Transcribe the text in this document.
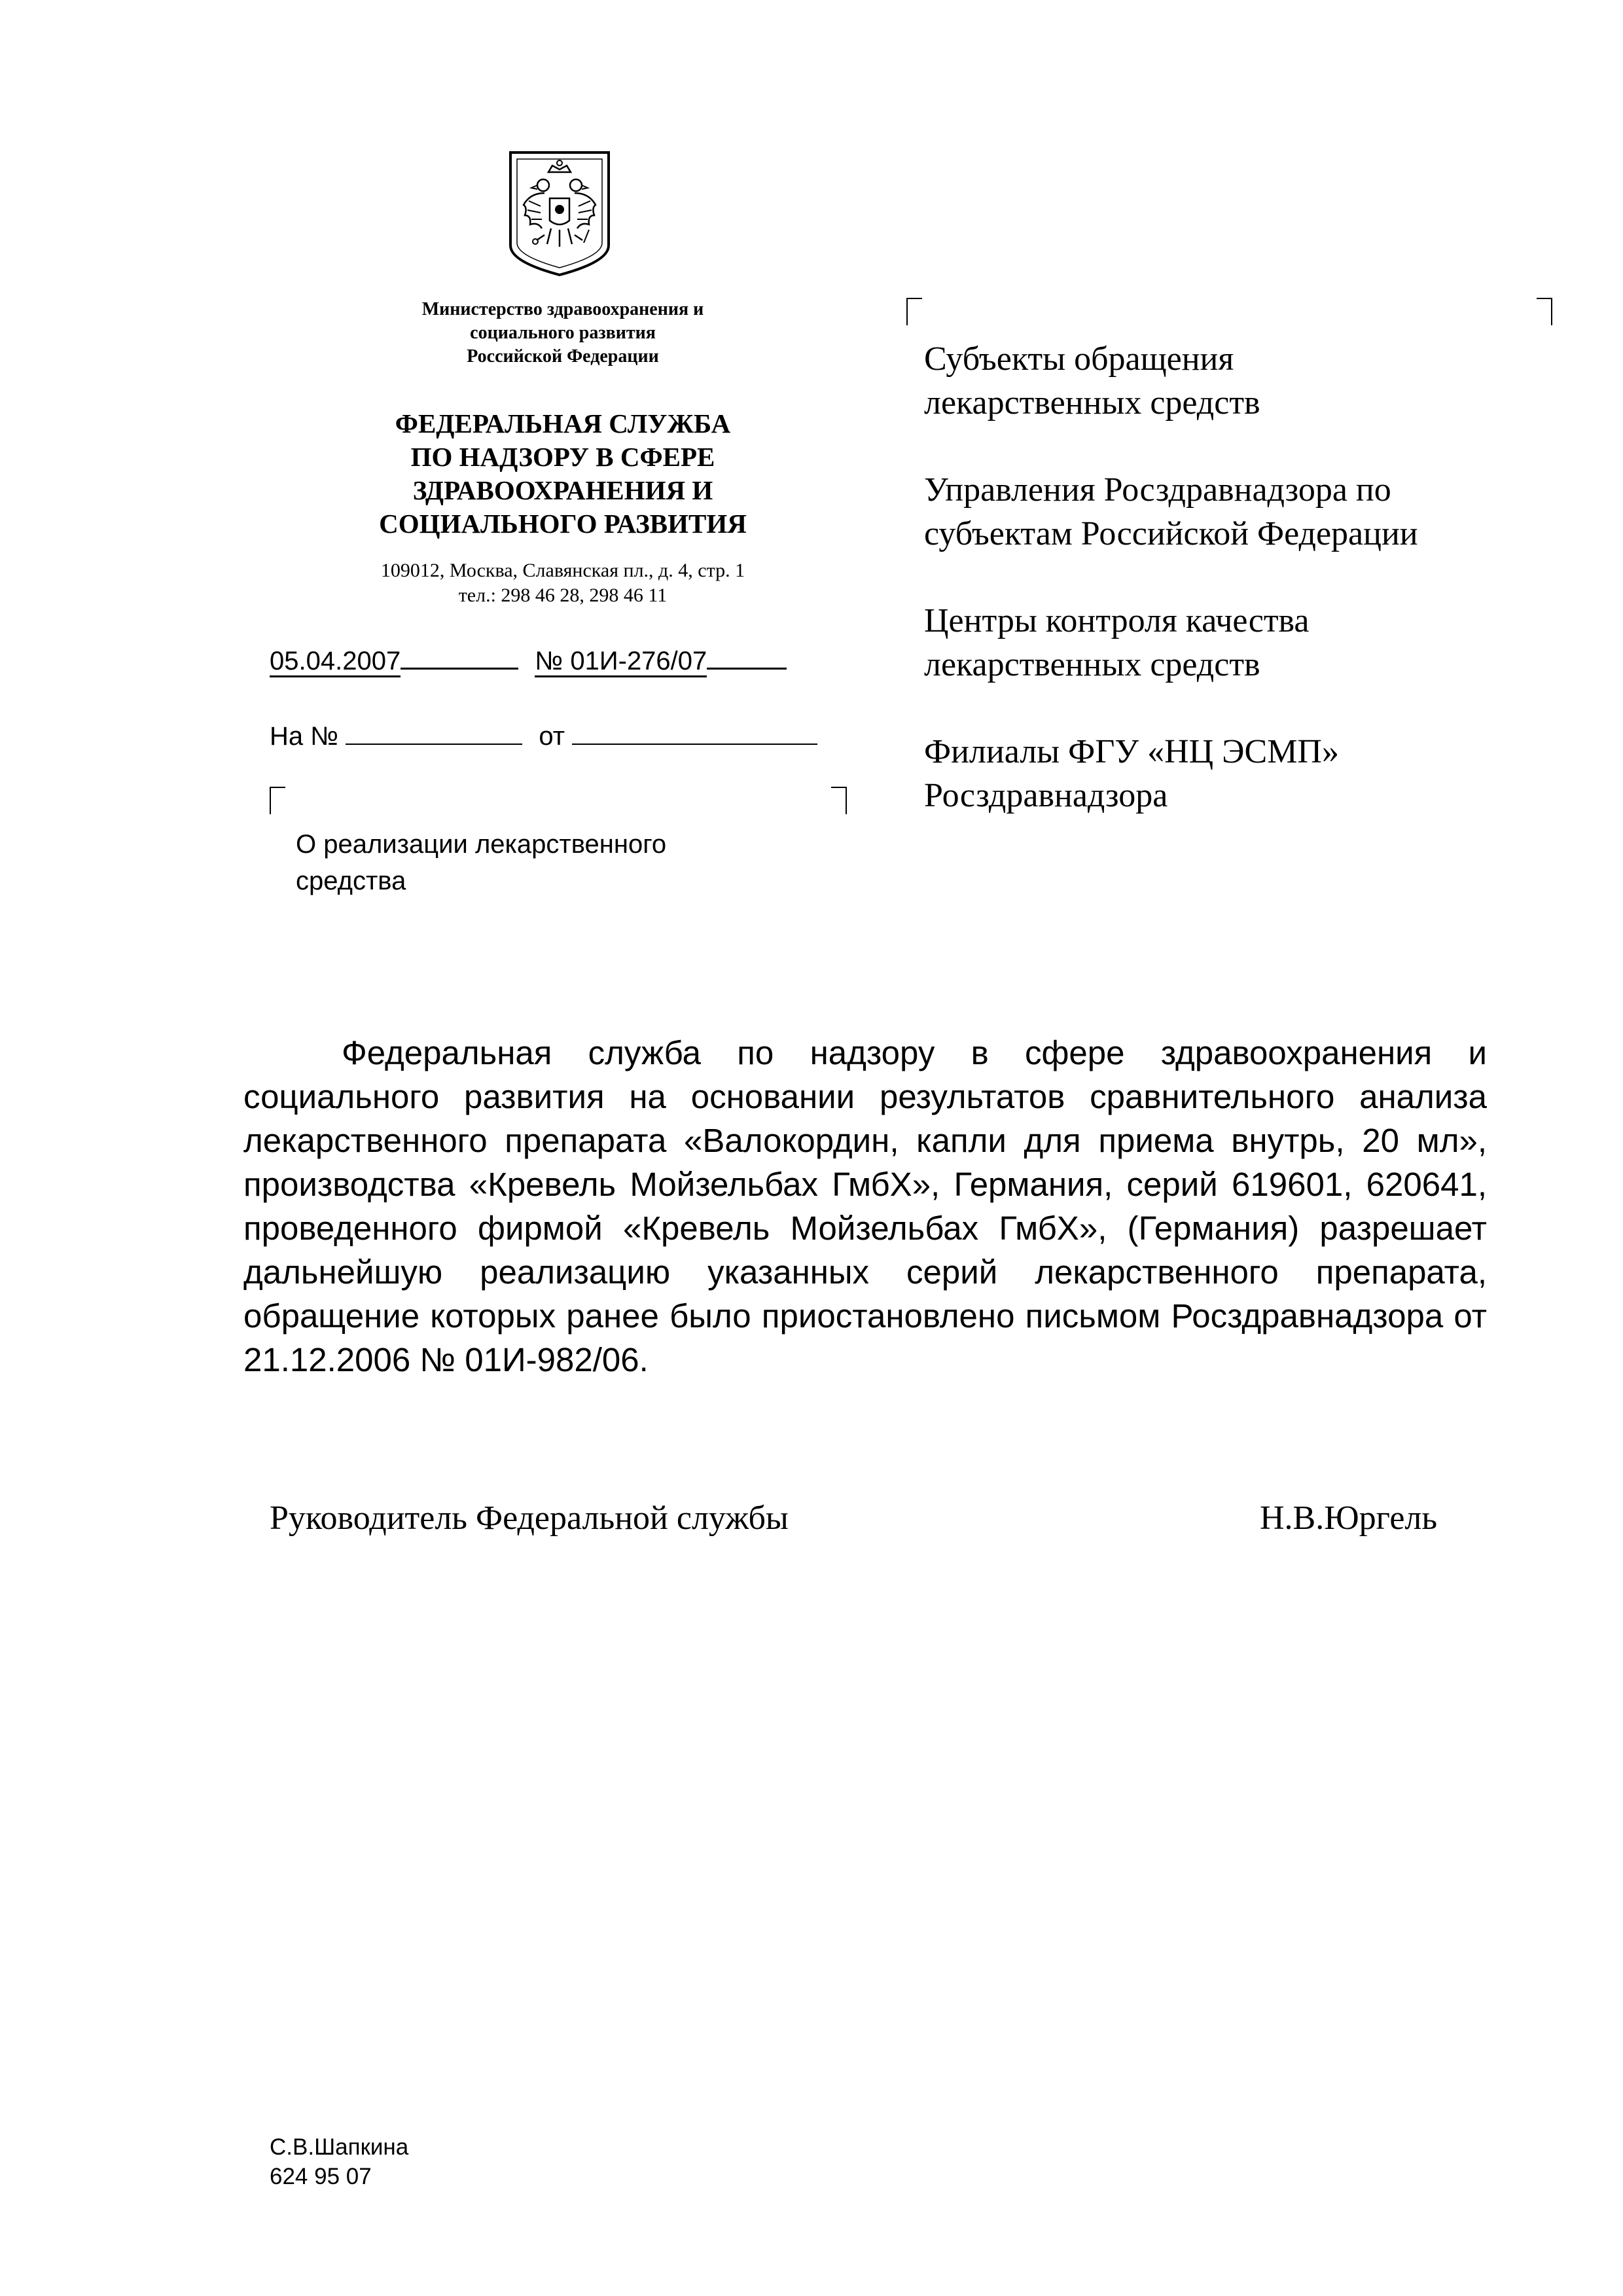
Министерство здравоохранения и
социального развития
Российской Федерации
ФЕДЕРАЛЬНАЯ СЛУЖБА
ПО НАДЗОРУ В СФЕРЕ
ЗДРАВООХРАНЕНИЯ И
СОЦИАЛЬНОГО РАЗВИТИЯ
109012, Москва, Славянская пл., д. 4, стр. 1
тел.: 298 46 28, 298 46 11
05.04.2007	№ 01И-276/07
На №	от
О реализации лекарственного
средства
Субъекты обращения
лекарственных средств
Управления Росздравнадзора по
субъектам Российской Федерации
Центры контроля качества
лекарственных средств
Филиалы ФГУ «НЦ ЭСМП»
Росздравнадзора
Федеральная служба по надзору в сфере здравоохранения и социального развития на основании результатов сравнительного анализа лекарственного препарата «Валокордин, капли для приема внутрь, 20 мл», производства «Кревель Мойзельбах ГмбХ», Германия, серий 619601, 620641, проведенного фирмой «Кревель Мойзельбах ГмбХ», (Германия) разрешает дальнейшую реализацию указанных серий лекарственного препарата, обращение которых ранее было приостановлено письмом Росздравнадзора от 21.12.2006 № 01И-982/06.
Руководитель Федеральной службы	Н.В.Юргель
С.В.Шапкина
624 95 07
